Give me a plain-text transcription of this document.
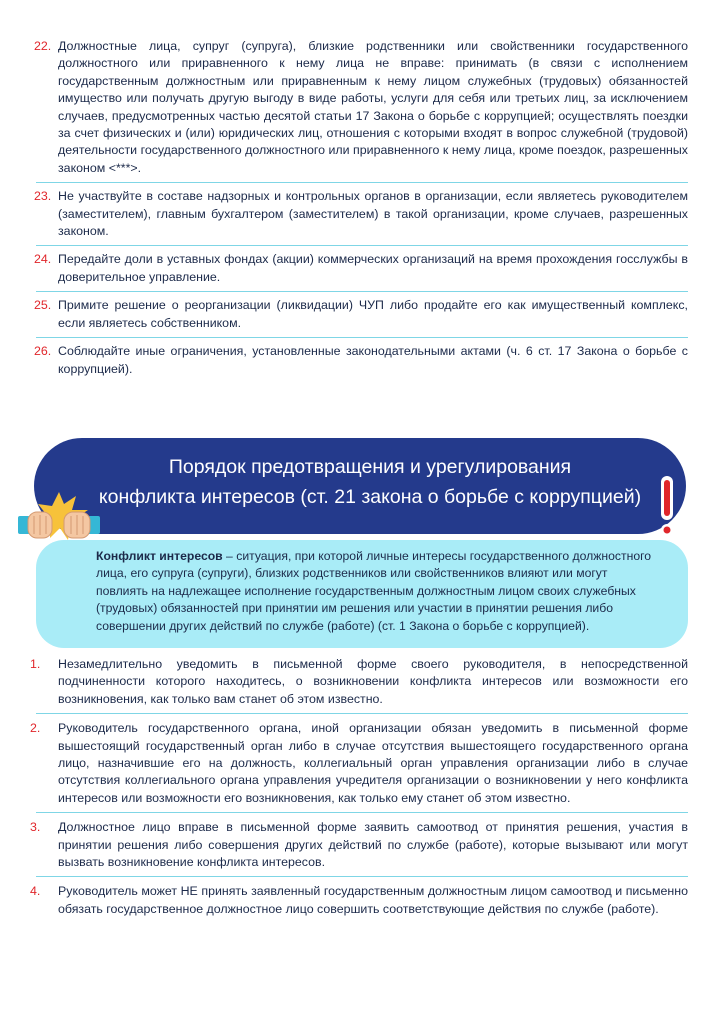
22. Должностные лица, супруг (супруга), близкие родственники или свойственники государственного должностного или приравненного к нему лица не вправе: принимать (в связи с исполнением государственным должностным или приравненным к нему лицом служебных (трудовых) обязанностей имущество или получать другую выгоду в виде работы, услуги для себя или третьих лиц, за исключением случаев, предусмотренных частью десятой статьи 17 Закона о борьбе с коррупцией; осуществлять поездки за счет физических и (или) юридических лиц, отношения с которыми входят в вопрос служебной (трудовой) деятельности государственного должностного или приравненного к нему лица, кроме поездок, разрешенных законом <***>.
23. Не участвуйте в составе надзорных и контрольных органов в организации, если являетесь руководителем (заместителем), главным бухгалтером (заместителем) в такой организации, кроме случаев, разрешенных законом.
24. Передайте доли в уставных фондах (акции) коммерческих организаций на время прохождения госслужбы в доверительное управление.
25. Примите решение о реорганизации (ликвидации) ЧУП либо продайте его как имущественный комплекс, если являетесь собственником.
26. Соблюдайте иные ограничения, установленные законодательными актами (ч. 6 ст. 17 Закона о борьбе с коррупцией).
Порядок предотвращения и урегулирования
конфликта интересов (ст. 21 закона о борьбе с коррупцией)
Конфликт интересов – ситуация, при которой личные интересы государственного должностного лица, его супруга (супруги), близких родственников или свойственников влияют или могут повлиять на надлежащее исполнение государственным должностным лицом своих служебных (трудовых) обязанностей при принятии им решения или участии в принятии решения либо совершении других действий по службе (работе) (ст. 1 Закона о борьбе с коррупцией).
1. Незамедлительно уведомить в письменной форме своего руководителя, в непосредственной подчиненности которого находитесь, о возникновении конфликта интересов или возможности его возникновения, как только вам станет об этом известно.
2. Руководитель государственного органа, иной организации обязан уведомить в письменной форме вышестоящий государственный орган либо в случае отсутствия вышестоящего государственного органа лицо, назначившие его на должность, коллегиальный орган управления организации либо в случае отсутствия коллегиального органа управления учредителя организации о возникновении у него конфликта интересов или возможности его возникновения, как только ему станет об этом известно.
3. Должностное лицо вправе в письменной форме заявить самоотвод от принятия решения, участия в принятии решения либо совершения других действий по службе (работе), которые вызывают или могут вызвать возникновение конфликта интересов.
4. Руководитель может НЕ принять заявленный государственным должностным лицом самоотвод и письменно обязать государственное должностное лицо совершить соответствующие действия по службе (работе).
